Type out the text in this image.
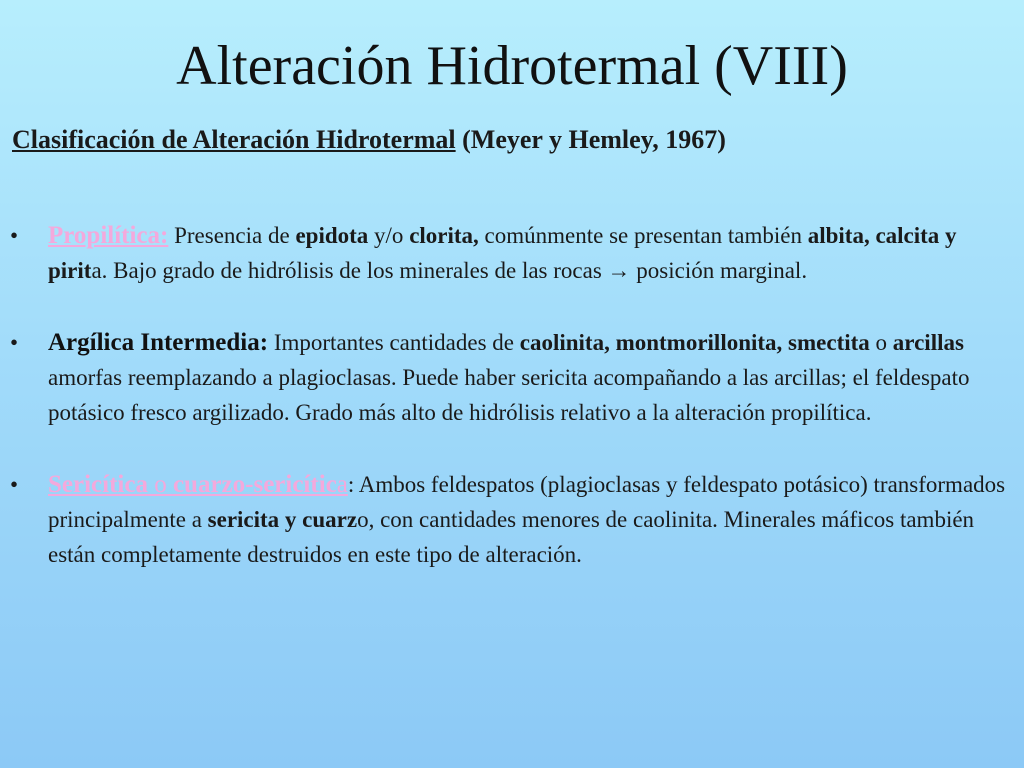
Alteración Hidrotermal (VIII)
Clasificación de Alteración Hidrotermal (Meyer y Hemley, 1967)
•	Propilítica: Presencia de epidota y/o clorita, comúnmente se presentan también albita, calcita y pirita. Bajo grado de hidrólisis de los minerales de las rocas → posición marginal.
•	Argílica Intermedia: Importantes cantidades de caolinita, montmorillonita, smectita o arcillas amorfas reemplazando a plagioclasas. Puede haber sericita acompañando a las arcillas; el feldespato potásico fresco argilizado. Grado más alto de hidrólisis relativo a la alteración propilítica.
•	Sericítica o cuarzo-sericítica: Ambos feldespatos (plagioclasas y feldespato potásico) transformados principalmente a sericita y cuarzo, con cantidades menores de caolinita. Minerales máficos también están completamente destruidos en este tipo de alteración.
